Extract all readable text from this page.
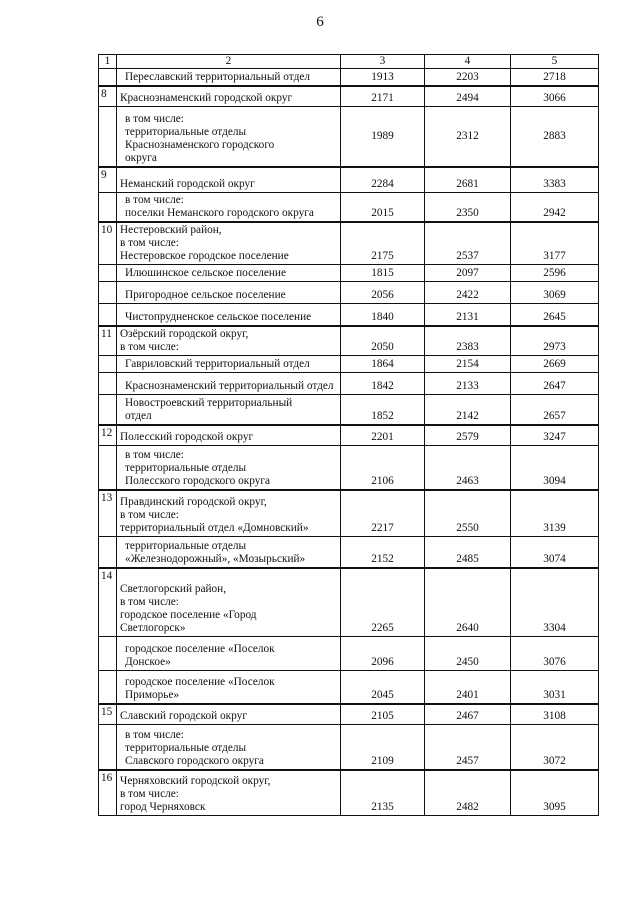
6
1	2	3	4	5

	Переславский территориальный отдел	1913	2203	2718
8	Краснознаменский городской округ	2171	2494	3066

	в том числе:
территориальные отделы
Краснознаменского городского
округа	1989	2312	2883
9	Неманский городской округ	2284	2681	3383

	в том числе:
поселки Неманского городского округа	2015	2350	2942
10	Нестеровский район,
в том числе:
Нестеровское городское поселение	2175	2537	3177

	Илюшинское сельское поселение	1815	2097	2596

	Пригородное сельское поселение	2056	2422	3069

	Чистопрудненское сельское поселение	1840	2131	2645
11	Озёрский городской округ,
в том числе:	2050	2383	2973

	Гавриловский территориальный отдел	1864	2154	2669

	Краснознаменский территориальный отдел	1842	2133	2647

	Новостроевский территориальный
отдел	1852	2142	2657
12	Полесский городской округ	2201	2579	3247

	в том числе:
территориальные отделы
Полесского городского округа	2106	2463	3094
13	Правдинский городской округ,
в том числе:
территориальный отдел «Домновский»	2217	2550	3139

	территориальные отделы
«Железнодорожный», «Мозырьский»	2152	2485	3074
14	Светлогорский район,
в том числе:
городское поселение «Город
Светлогорск»	2265	2640	3304

	городское поселение «Поселок
Донское»	2096	2450	3076

	городское поселение «Поселок
Приморье»	2045	2401	3031
15	Славский городской округ	2105	2467	3108

	в том числе:
территориальные отделы
Славского городского округа	2109	2457	3072
16	Черняховский городской округ,
в том числе:
город Черняховск	2135	2482	3095
